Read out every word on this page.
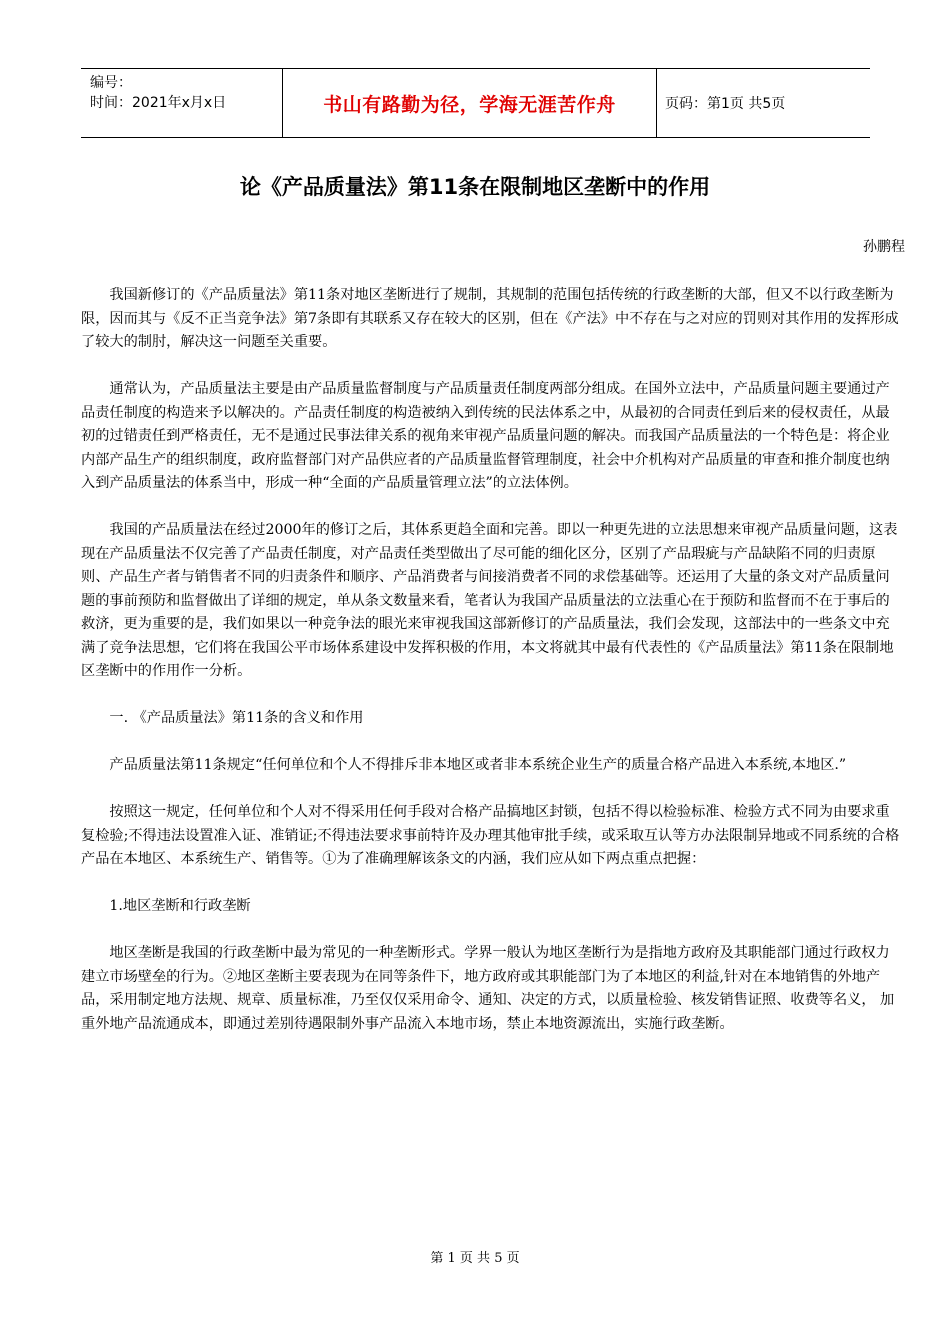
编号：
时间：2021年x月x日	书山有路勤为径，学海无涯苦作舟	页码：第1页 共5页
论《产品质量法》第11条在限制地区垄断中的作用
孙鹏程

　　我国新修订的《产品质量法》第11条对地区垄断进行了规制，其规制的范围包括传统的行政垄断的大部，但又不以行政垄断为限，因而其与《反不正当竞争法》第7条即有其联系又存在较大的区别，但在《产法》中不存在与之对应的罚则对其作用的发挥形成了较大的制肘，解决这一问题至关重要。

　　通常认为，产品质量法主要是由产品质量监督制度与产品质量责任制度两部分组成。在国外立法中，产品质量问题主要通过产品责任制度的构造来予以解决的。产品责任制度的构造被纳入到传统的民法体系之中，从最初的合同责任到后来的侵权责任，从最初的过错责任到严格责任，无不是通过民事法律关系的视角来审视产品质量问题的解决。而我国产品质量法的一个特色是：将企业内部产品生产的组织制度，政府监督部门对产品供应者的产品质量监督管理制度，社会中介机构对产品质量的审查和推介制度也纳入到产品质量法的体系当中，形成一种“全面的产品质量管理立法”的立法体例。

　　我国的产品质量法在经过2000年的修订之后，其体系更趋全面和完善。即以一种更先进的立法思想来审视产品质量问题，这表现在产品质量法不仅完善了产品责任制度，对产品责任类型做出了尽可能的细化区分，区别了产品瑕疵与产品缺陷不同的归责原则、产品生产者与销售者不同的归责条件和顺序、产品消费者与间接消费者不同的求偿基础等。还运用了大量的条文对产品质量问题的事前预防和监督做出了详细的规定，单从条文数量来看，笔者认为我国产品质量法的立法重心在于预防和监督而不在于事后的救济，更为重要的是，我们如果以一种竞争法的眼光来审视我国这部新修订的产品质量法，我们会发现，这部法中的一些条文中充满了竞争法思想，它们将在我国公平市场体系建设中发挥积极的作用，本文将就其中最有代表性的《产品质量法》第11条在限制地区垄断中的作用作一分析。

　　一. 《产品质量法》第11条的含义和作用

　　产品质量法第11条规定“任何单位和个人不得排斥非本地区或者非本系统企业生产的质量合格产品进入本系统,本地区.”

　　按照这一规定，任何单位和个人对不得采用任何手段对合格产品搞地区封锁，包括不得以检验标准、检验方式不同为由要求重复检验;不得违法设置准入证、准销证;不得违法要求事前特许及办理其他审批手续，或采取互认等方办法限制异地或不同系统的合格产品在本地区、本系统生产、销售等。①为了准确理解该条文的内涵，我们应从如下两点重点把握：

　　1.地区垄断和行政垄断

　　地区垄断是我国的行政垄断中最为常见的一种垄断形式。学界一般认为地区垄断行为是指地方政府及其职能部门通过行政权力建立市场壁垒的行为。②地区垄断主要表现为在同等条件下，地方政府或其职能部门为了本地区的利益,针对在本地销售的外地产品，采用制定地方法规、规章、质量标准，乃至仅仅采用命令、通知、决定的方式，以质量检验、核发销售证照、收费等名义， 加重外地产品流通成本，即通过差别待遇限制外事产品流入本地市场，禁止本地资源流出，实施行政垄断。

第 1 页 共 5 页
